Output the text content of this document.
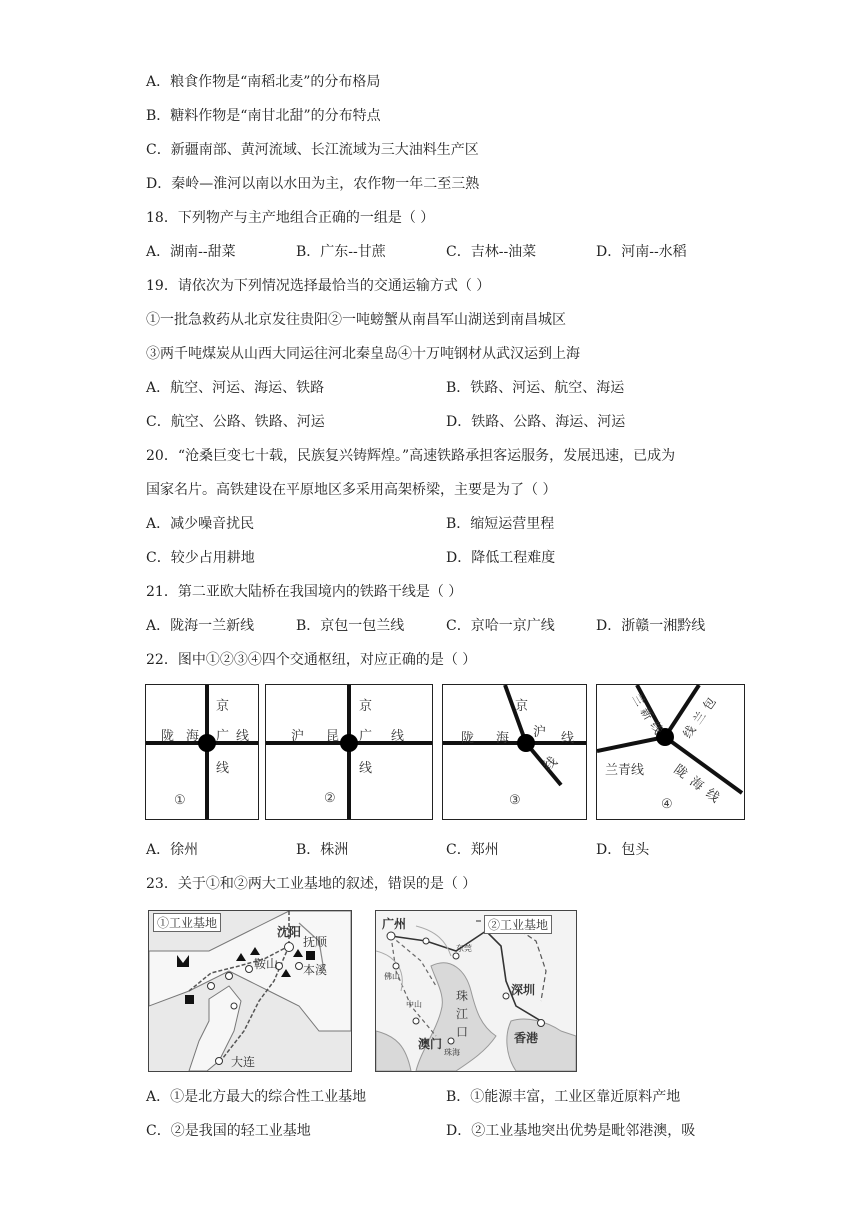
A．粮食作物是“南稻北麦”的分布格局
B．糖料作物是“南甘北甜”的分布特点
C．新疆南部、黄河流域、长江流域为三大油料生产区
D．秦岭—淮河以南以水田为主，农作物一年二至三熟
18．下列物产与主产地组合正确的一组是（ ）
A．湖南--甜菜	B．广东--甘蔗	C．吉林--油菜	D．河南--水稻
19．请依次为下列情况选择最恰当的交通运输方式（ ）
①一批急救药从北京发往贵阳②一吨螃蟹从南昌军山湖送到南昌城区
③两千吨煤炭从山西大同运往河北秦皇岛④十万吨钢材从武汉运到上海
A．航空、河运、海运、铁路	B．铁路、河运、航空、海运
C．航空、公路、铁路、河运	D．铁路、公路、海运、河运
20．“沧桑巨变七十载，民族复兴铸辉煌。”高速铁路承担客运服务，发展迅速，已成为
国家名片。高铁建设在平原地区多采用高架桥梁，主要是为了（ ）
A．减少噪音扰民	B．缩短运营里程
C．较少占用耕地	D．降低工程难度
21．第二亚欧大陆桥在我国境内的铁路干线是（ ）
A．陇海一兰新线	B．京包一包兰线	C．京哈一京广线	D．浙赣一湘黔线
22．图中①②③④四个交通枢纽，对应正确的是（ ）
京
陇 海 广 线
线
①
京
沪 昆 广 线
线
②
京
陇 海 沪 线
线
③
兰
新
线
包
兰
线
兰青线 陇
海
线
④
A．徐州	B．株洲	C．郑州	D．包头
23．关于①和②两大工业基地的叙述，错误的是（ ）
①工业基地
沈阳
抚顺
鞍山 本溪
大连
广州	②工业基地
佛山
东莞
深圳
珠
江
口
中山
珠海
澳门	香港
A．①是北方最大的综合性工业基地	B．①能源丰富，工业区靠近原料产地
C．②是我国的轻工业基地	D．②工业基地突出优势是毗邻港澳，吸
